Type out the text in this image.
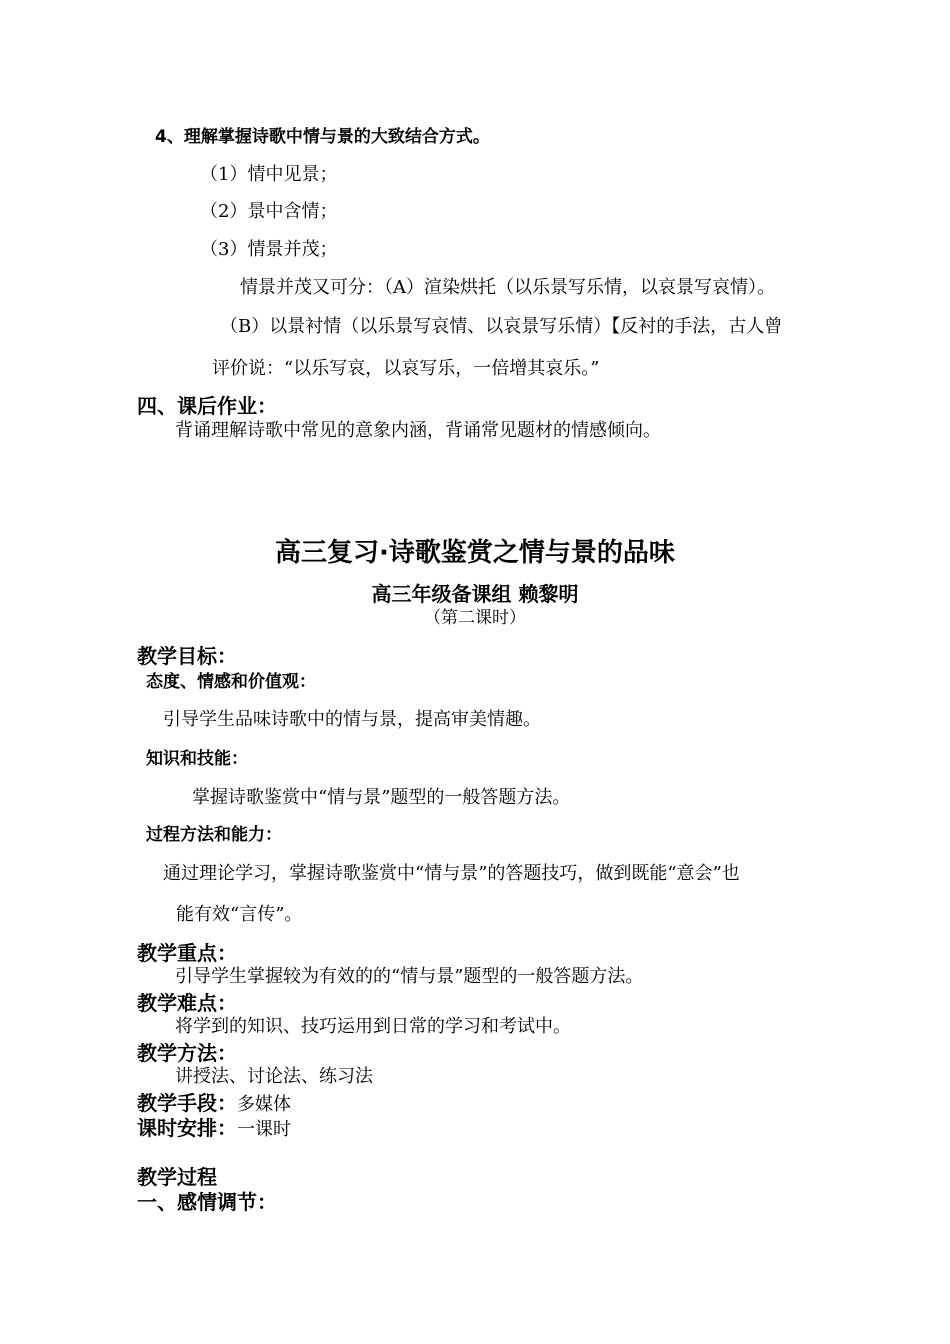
4、理解掌握诗歌中情与景的大致结合方式。
（1）情中见景；
（2）景中含情；
（3）情景并茂；
情景并茂又可分：（A）渲染烘托（以乐景写乐情，以哀景写哀情）。
（B）以景衬情（以乐景写哀情、以哀景写乐情）【反衬的手法，古人曾
评价说：“以乐写哀，以哀写乐，一倍增其哀乐。”
四、课后作业：
背诵理解诗歌中常见的意象内涵，背诵常见题材的情感倾向。
高三复习·诗歌鉴赏之情与景的品味
高三年级备课组 赖黎明
（第二课时）
教学目标：
态度、情感和价值观：
引导学生品味诗歌中的情与景，提高审美情趣。
知识和技能：
掌握诗歌鉴赏中“情与景”题型的一般答题方法。
过程方法和能力：
通过理论学习，掌握诗歌鉴赏中“情与景”的答题技巧，做到既能“意会”也
能有效“言传”。
教学重点：
引导学生掌握较为有效的的“情与景”题型的一般答题方法。
教学难点：
将学到的知识、技巧运用到日常的学习和考试中。
教学方法：
讲授法、讨论法、练习法
教学手段：多媒体
课时安排：一课时
教学过程
一、感情调节：
